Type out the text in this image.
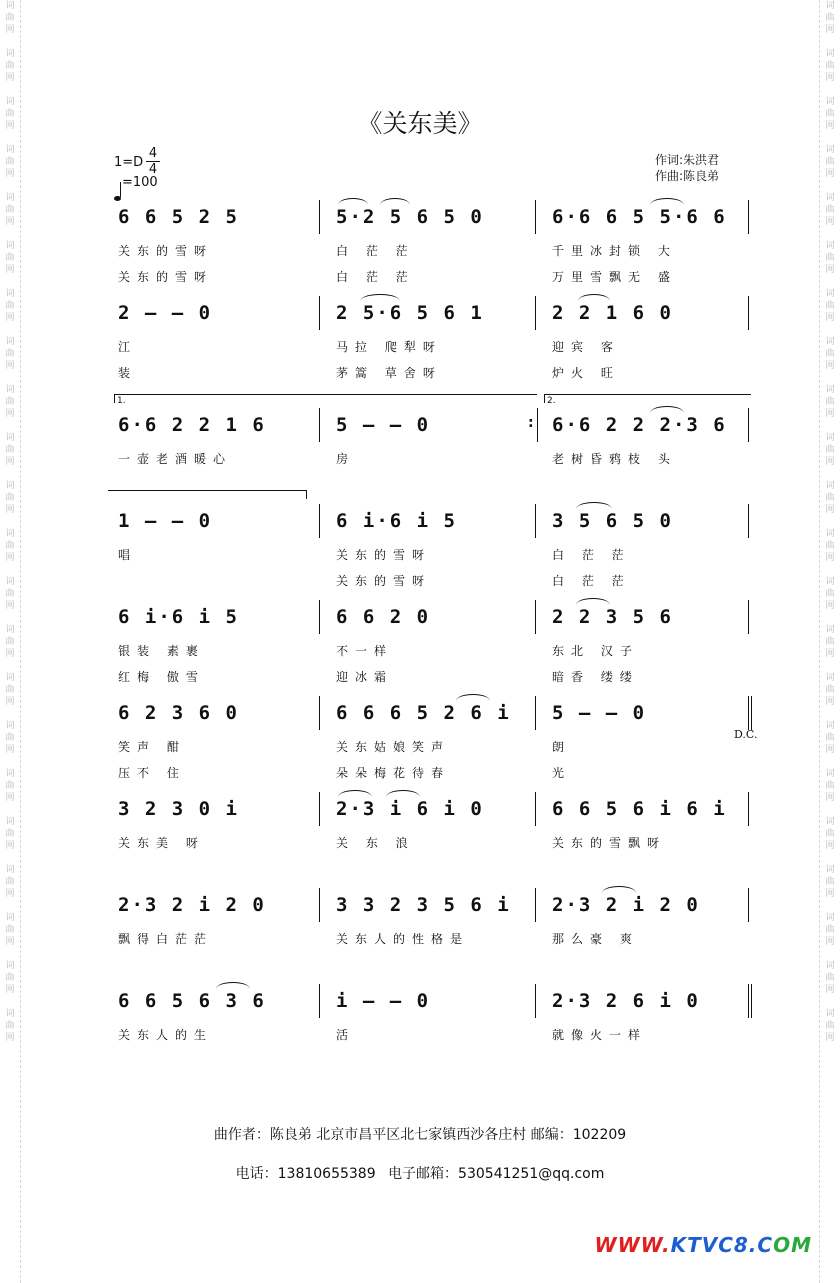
词
曲
网

词
曲
网

词
曲
网

词
曲
网

词
曲
网

词
曲
网

词
曲
网

词
曲
网

词
曲
网

词
曲
网

词
曲
网

词
曲
网

词
曲
网

词
曲
网

词
曲
网

词
曲
网

词
曲
网

词
曲
网

词
曲
网

词
曲
网

词
曲
网

词
曲
网
词
曲
网

词
曲
网

词
曲
网

词
曲
网

词
曲
网

词
曲
网

词
曲
网

词
曲
网

词
曲
网

词
曲
网

词
曲
网

词
曲
网

词
曲
网

词
曲
网

词
曲
网

词
曲
网

词
曲
网

词
曲
网

词
曲
网

词
曲
网

词
曲
网

词
曲
网
《关东美》
1=D
4
4
=100
作词:朱洪君
作曲:陈良弟
6 6 5 2 5
关东的雪呀
关东的雪呀
5·2 5 6 5 0
白 茫 茫
白 茫 茫
6·6 6 5 5·6 6
千里冰封锁 大
万里雪飘无 盛
2 – – 0
江
装
2 5·6 5 6 1
马拉 爬犁呀
茅篙 草舍呀
2 2 1 6 0
迎宾 客
炉火 旺
1.	2.
6·6 2 2 1 6
一壶老酒暖心
5 – – 0
房
: 6·6 2 2 2·3 6
老树昏鸦枝 头
1 – – 0
唱
6 i·6 i 5
关东的雪呀
关东的雪呀
3 5 6 5 0
白 茫 茫
白 茫 茫
6 i·6 i 5
银装 素裹
红梅 傲雪
6 6 2 0
不一样
迎冰霜
2 2 3 5 6
东北 汉子
暗香 缕缕
6 2 3 6 0
笑声 酣
压不 住
6 6 6 5 2 6 i
关东姑娘笑声
朵朵梅花待春
5 – – 0
朗
光
D.C.
3 2 3 0 i
关东美 呀
2·3 i 6 i 0
关 东 浪
6 6 5 6 i 6 i
关东的雪飘呀
2·3 2 i 2 0
飘得白茫茫
3 3 2 3 5 6 i
关东人的性格是
2·3 2 i 2 0
那么豪 爽
6 6 5 6 3 6
关东人的生
i – – 0
活
2·3 2 6 i 0
就像火一样
曲作者：陈良弟 北京市昌平区北七家镇西沙各庄村 邮编：102209
电话：13810655389 电子邮箱：530541251@qq.com
WWW.KTVC8.COM
